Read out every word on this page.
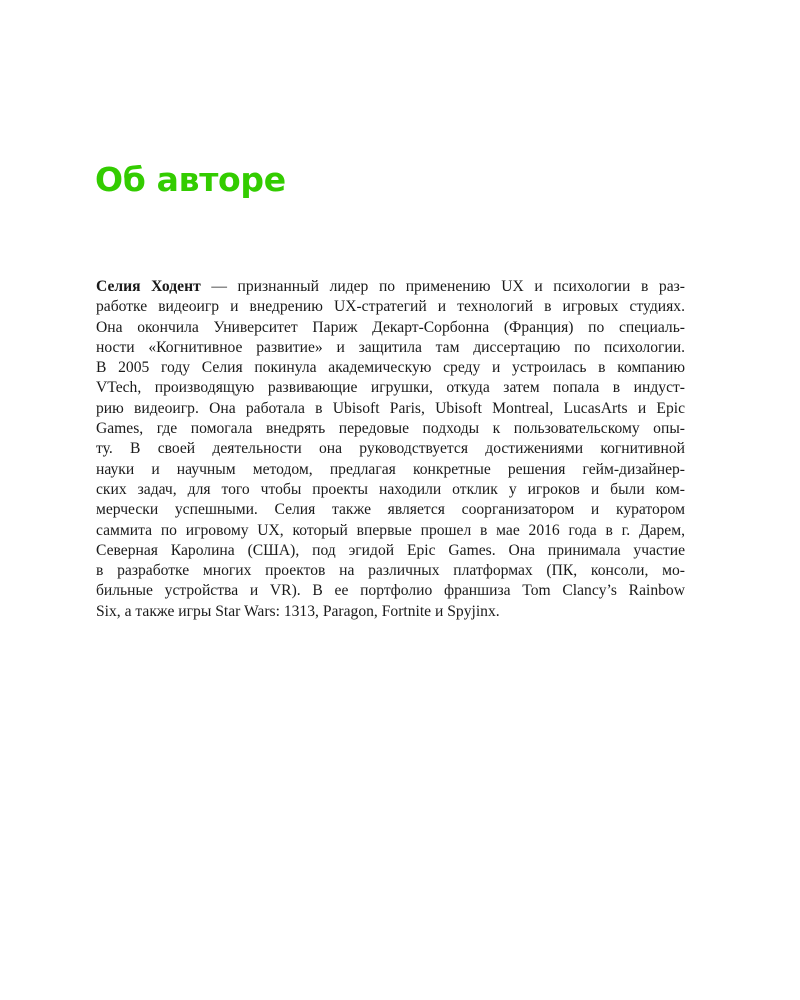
Об авторе
Селия Ходент — признанный лидер по применению UX и психологии в раз-
работке видеоигр и внедрению UX-стратегий и технологий в игровых студиях.
Она окончила Университет Париж Декарт-Сорбонна (Франция) по специаль-
ности «Когнитивное развитие» и защитила там диссертацию по психологии.
В 2005 году Селия покинула академическую среду и устроилась в компанию
VTech, производящую развивающие игрушки, откуда затем попала в индуст-
рию видеоигр. Она работала в Ubisoft Paris, Ubisoft Montreal, LucasArts и Epic
Games, где помогала внедрять передовые подходы к пользовательскому опы-
ту. В своей деятельности она руководствуется достижениями когнитивной
науки и научным методом, предлагая конкретные решения гейм-дизайнер-
ских задач, для того чтобы проекты находили отклик у игроков и были ком-
мерчески успешными. Селия также является соорганизатором и куратором
саммита по игровому UX, который впервые прошел в мае 2016 года в г. Дарем,
Северная Каролина (США), под эгидой Epic Games. Она принимала участие
в разработке многих проектов на различных платформах (ПК, консоли, мо-
бильные устройства и VR). В ее портфолио франшиза Tom Clancy’s Rainbow
Six, а также игры Star Wars: 1313, Paragon, Fortnite и Spyjinx.
